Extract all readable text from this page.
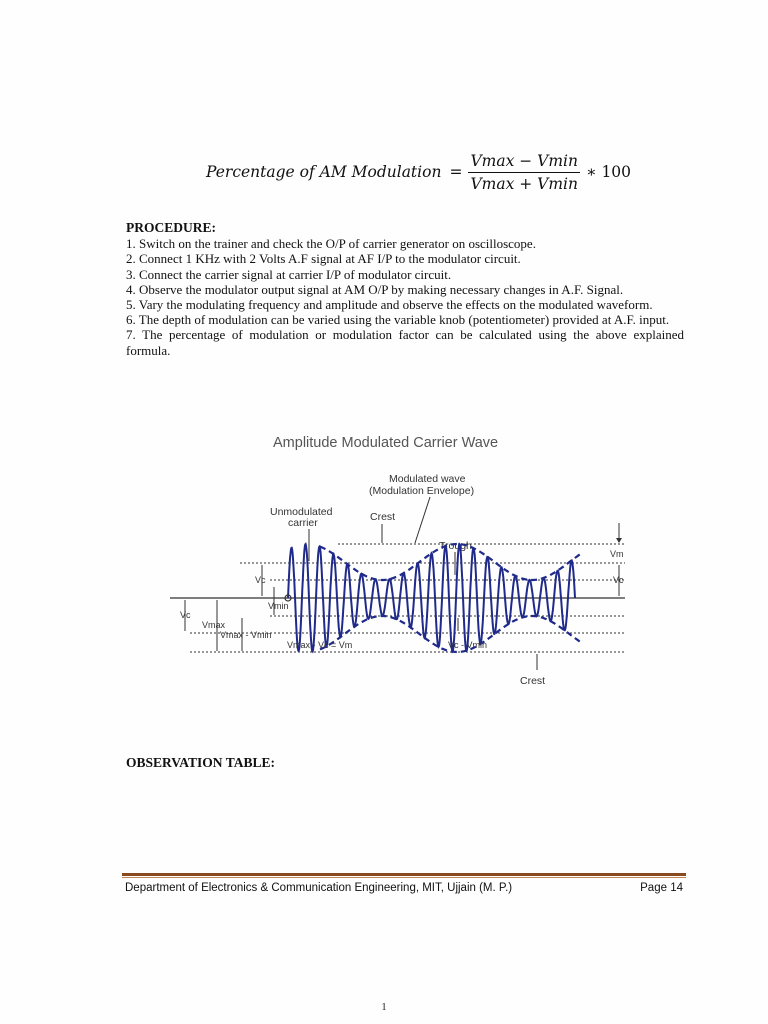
Percentage of AM Modulation = $\frac{Vmax - Vmin}{Vmax + Vmin}$ ∗ 100
PROCEDURE:

1. Switch on the trainer and check the O/P of carrier generator on oscilloscope.

2. Connect 1 KHz with 2 Volts A.F signal at AF I/P to the modulator circuit.

3. Connect the carrier signal at carrier I/P of modulator circuit.

4. Observe the modulator output signal at AM O/P by making necessary changes in A.F. Signal.

5. Vary the modulating frequency and amplitude and observe the effects on the modulated waveform.

6. The depth of modulation can be varied using the variable knob (potentiometer) provided at A.F. input.

7. The percentage of modulation or modulation factor can be calculated using the above explained formula.

Amplitude Modulated Carrier Wave
Modulated wave
(Modulation Envelope)
Unmodulated
carrier	Crest
Trough
Vm
Vc
Vc
Vmin
Vc
Vmax
Vmax - Vmin
Vmax - Vc = Vm	Vc - Vmin
Crest
OBSERVATION TABLE:
Department of Electronics & Communication Engineering, MIT, Ujjain (M. P.)	Page 14
1
